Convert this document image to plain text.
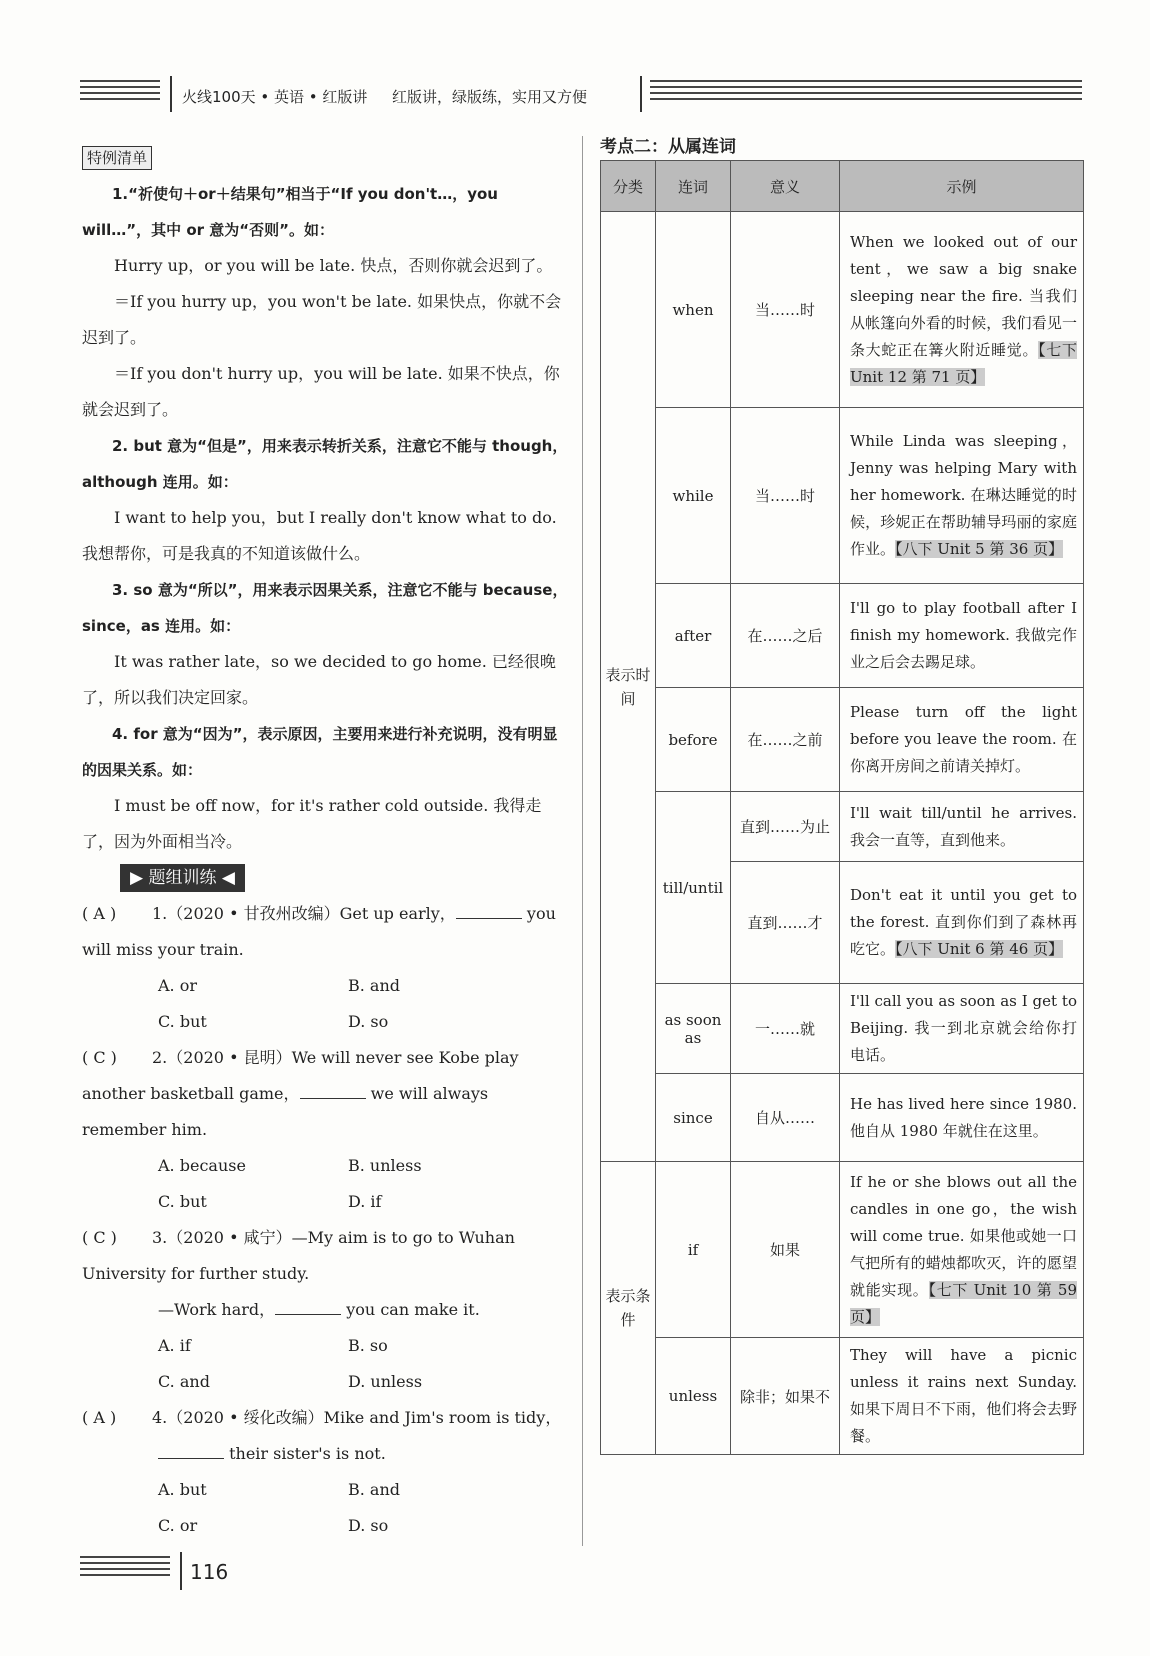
火线100天 • 英语 • 红版讲 红版讲，绿版练，实用又方便
特例清单

1.“祈使句＋or＋结果句”相当于“If you don't…，you will…”，其中 or 意为“否则”。如：

Hurry up，or you will be late. 快点，否则你就会迟到了。

＝If you hurry up，you won't be late. 如果快点，你就不会迟到了。

＝If you don't hurry up，you will be late. 如果不快点，你就会迟到了。

2. but 意为“但是”，用来表示转折关系，注意它不能与 though，although 连用。如：

I want to help you，but I really don't know what to do. 我想帮你，可是我真的不知道该做什么。

3. so 意为“所以”，用来表示因果关系，注意它不能与 because，since，as 连用。如：

It was rather late，so we decided to go home. 已经很晚了，所以我们决定回家。

4. for 意为“因为”，表示原因，主要用来进行补充说明，没有明显的因果关系。如：

I must be off now，for it's rather cold outside. 我得走了，因为外面相当冷。

▶ 题组训练 ◀
( A ) 1.（2020 • 甘孜州改编）Get up early，	you will miss your train.
A. or	B. and
C. but	D. so
( C ) 2.（2020 • 昆明）We will never see Kobe play another basketball game，	we will always remember him.
A. because	B. unless
C. but	D. if
( C ) 3.（2020 • 咸宁）—My aim is to go to Wuhan University for further study.
—Work hard，	you can make it.
A. if	B. so
C. and	D. unless
( A ) 4.（2020 • 绥化改编）Mike and Jim's room is tidy，
their sister's is not.
A. but	B. and
C. or	D. so
考点二：从属连词
分类	连词	意义	示例
表示时间	when	当……时	When we looked out of our tent，we saw a big snake sleeping near the fire. 当我们从帐篷向外看的时候，我们看见一条大蛇正在篝火附近睡觉。【七下 Unit 12 第 71 页】
	while	当……时	While Linda was sleeping，Jenny was helping Mary with her homework. 在琳达睡觉的时候，珍妮正在帮助辅导玛丽的家庭作业。【八下 Unit 5 第 36 页】
	after	在……之后	I'll go to play football after I finish my homework. 我做完作业之后会去踢足球。
	before	在……之前	Please turn off the light before you leave the room. 在你离开房间之前请关掉灯。
	till/until	直到……为止	I'll wait till/until he arrives. 我会一直等，直到他来。
		直到……才	Don't eat it until you get to the forest. 直到你们到了森林再吃它。【八下 Unit 6 第 46 页】
	as soon as	一……就	I'll call you as soon as I get to Beijing. 我一到北京就会给你打电话。
	since	自从……	He has lived here since 1980. 他自从 1980 年就住在这里。
表示条件	if	如果	If he or she blows out all the candles in one go，the wish will come true. 如果他或她一口气把所有的蜡烛都吹灭，许的愿望就能实现。【七下 Unit 10 第 59 页】
	unless	除非；如果不	They will have a picnic unless it rains next Sunday. 如果下周日不下雨，他们将会去野餐。
116
